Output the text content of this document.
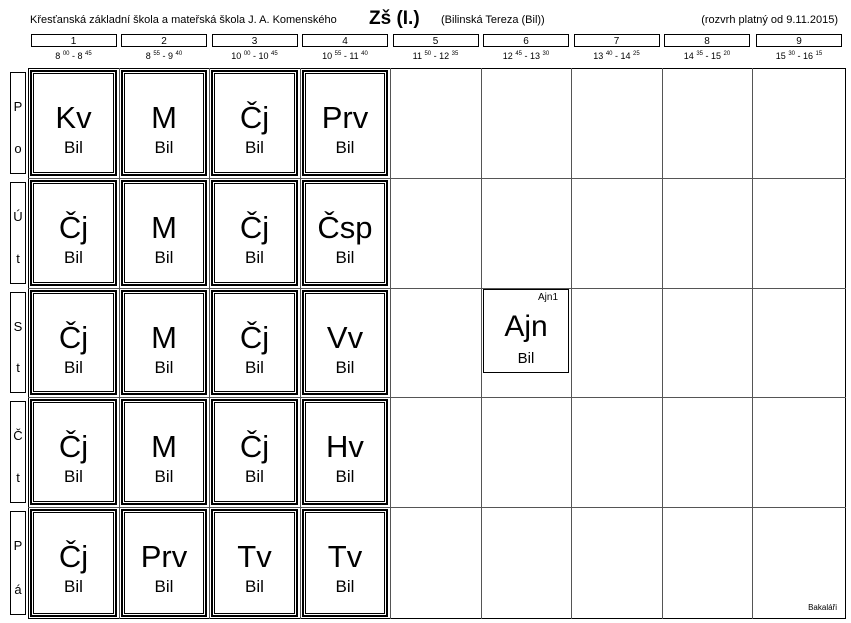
Křesťanská základní škola a mateřská škola J. A. Komenského Zš (I.) (Bilinská Tereza (Bil))	(rozvrh platný od 9.11.2015)
1
8 $^{00}$ - 8 $^{45}$
2
8 $^{55}$ - 9 $^{40}$
3
10 $^{00}$ - 10 $^{45}$
4
10 $^{55}$ - 11 $^{40}$
5
11 $^{50}$ - 12 $^{35}$
6
12 $^{45}$ - 13 $^{30}$
7
13 $^{40}$ - 14 $^{25}$
8
14 $^{35}$ - 15 $^{20}$
9
15 $^{30}$ - 16 $^{15}$
P
o
Ú
t
S
t
Č
t
P
á
Kv
Bil
M
Bil
Čj
Bil
Prv
Bil
Čj
Bil
M
Bil
Čj
Bil
Čsp
Bil
Čj
Bil
M
Bil
Čj
Bil
Vv
Bil
Čj
Bil
M
Bil
Čj
Bil
Hv
Bil
Čj
Bil
Prv
Bil
Tv
Bil
Tv
Bil
Ajn1
Ajn
Bil
Bakaláři
